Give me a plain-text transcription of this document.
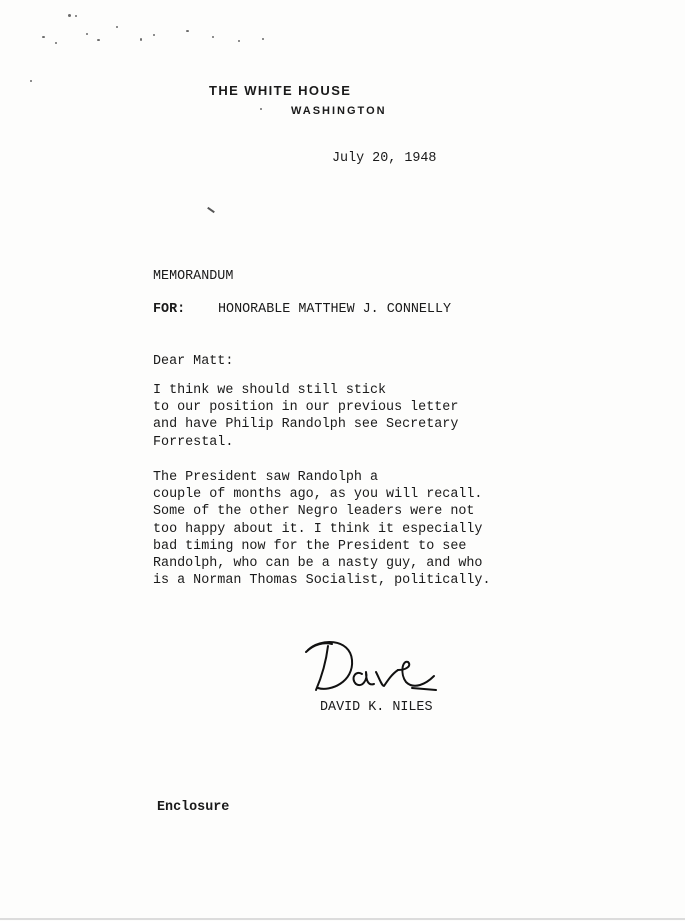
THE WHITE HOUSE
WASHINGTON
July 20, 1948
MEMORANDUM
FOR: HONORABLE MATTHEW J. CONNELLY
Dear Matt:
I think we should still stick
to our position in our previous letter
and have Philip Randolph see Secretary
Forrestal.
The President saw Randolph a
couple of months ago, as you will recall.
Some of the other Negro leaders were not
too happy about it. I think it especially
bad timing now for the President to see
Randolph, who can be a nasty guy, and who
is a Norman Thomas Socialist, politically.
DAVID K. NILES
Enclosure
